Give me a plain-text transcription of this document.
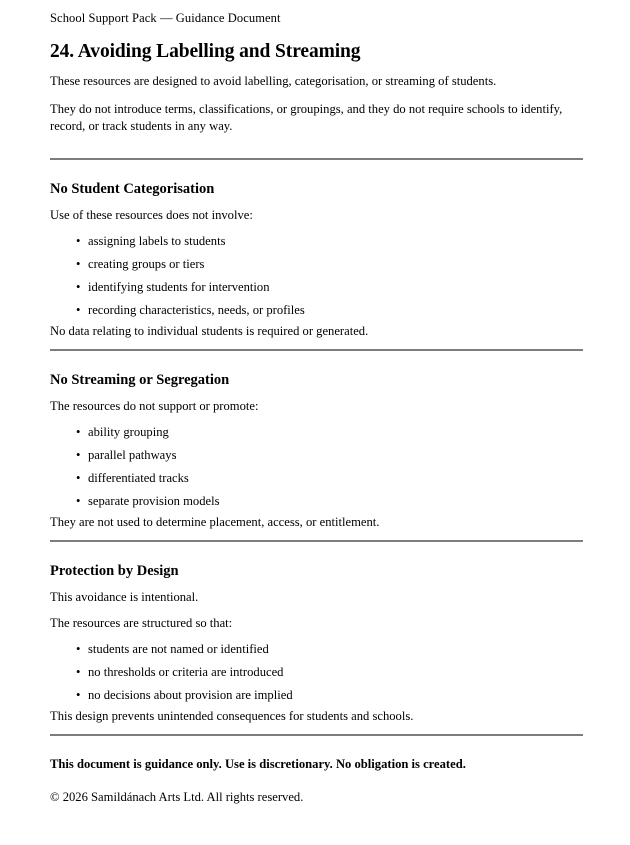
School Support Pack — Guidance Document
24. Avoiding Labelling and Streaming

These resources are designed to avoid labelling, categorisation, or streaming of students.

They do not introduce terms, classifications, or groupings, and they do not require schools to identify, record, or track students in any way.

No Student Categorisation

Use of these resources does not involve:

• assigning labels to students
• creating groups or tiers
• identifying students for intervention
• recording characteristics, needs, or profiles

No data relating to individual students is required or generated.

No Streaming or Segregation

The resources do not support or promote:

• ability grouping
• parallel pathways
• differentiated tracks
• separate provision models

They are not used to determine placement, access, or entitlement.

Protection by Design

This avoidance is intentional.

The resources are structured so that:

• students are not named or identified
• no thresholds or criteria are introduced
• no decisions about provision are implied

This design prevents unintended consequences for students and schools.

This document is guidance only. Use is discretionary. No obligation is created.

© 2026 Samildánach Arts Ltd. All rights reserved.
